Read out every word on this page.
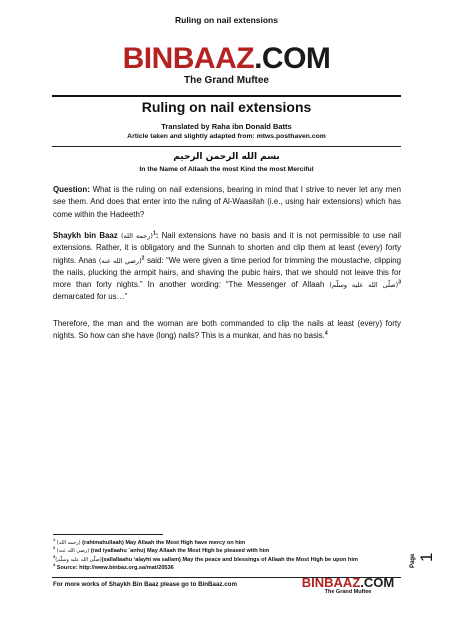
Ruling on nail extensions
BINBAAZ.COM
The Grand Muftee
Ruling on nail extensions
Translated by Raha ibn Donald Batts
Article taken and slightly adapted from: mtws.posthaven.com
بسم الله الرحمن الرحيم
In the Name of Allaah the most Kind the most Merciful
Question: What is the ruling on nail extensions, bearing in mind that I strive to never let any men see them. And does that enter into the ruling of Al-Waasilah (i.e., using hair extensions) which has come within the Hadeeth?
Shaykh bin Baaz (رحمه الله)$^1$: Nail extensions have no basis and it is not permissible to use nail extensions. Rather, it is obligatory and the Sunnah to shorten and clip them at least (every) forty nights. Anas (رضي الله عنه)$^2$ said: “We were given a time period for trimming the moustache, clipping the nails, plucking the armpit hairs, and shaving the pubic hairs, that we should not leave this for more than forty nights.” In another wording: “The Messenger of Allaah (صلّى الله عليه وسلّم)$^3$ demarcated for us…”
Therefore, the man and the woman are both commanded to clip the nails at least (every) forty nights. So how can she have (long) nails? This is a munkar, and has no basis.$^4$
$^1$ (رحمه الله) (rahimahullaah) May Allaah the Most High have mercy on him
$^2$ (رضي الله عنه) (rad iyallaahu `anhu) May Allaah the Most High be pleased with him
$^3$(صلّى الله عليه وسلّم)(sallallaahu ‘alayhi wa sallam) May the peace and blessings of Allaah the Most High be upon him
$^4$ Source: http://www.binbaz.org.sa/mat/20536	Page 1
For more works of Shaykh Bin Baaz please go to BinBaaz.com	BINBAAZ.COM
The Grand Muftee
